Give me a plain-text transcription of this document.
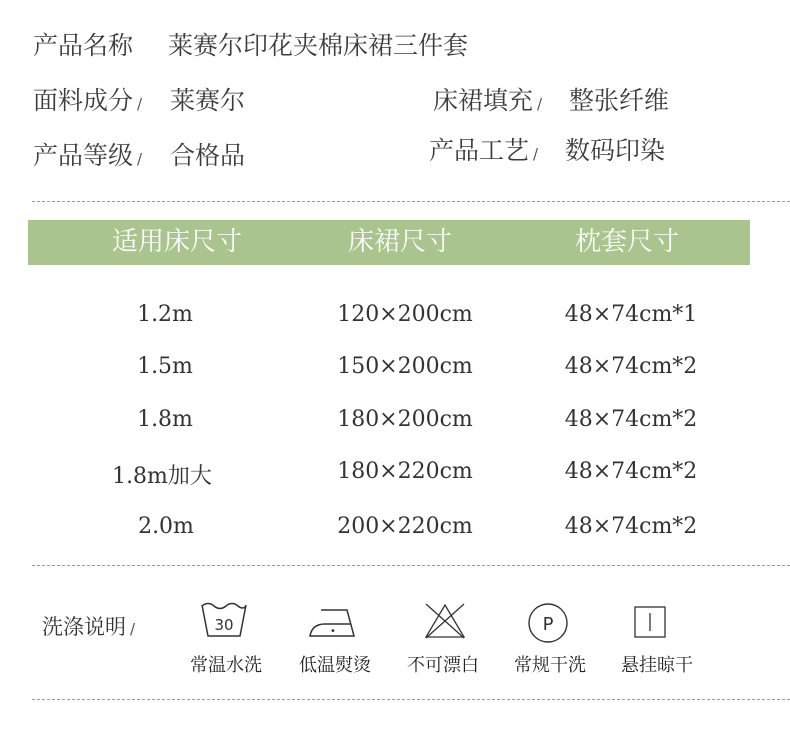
产品名称 莱赛尔印花夹棉床裙三件套
面料成分 / 莱赛尔	床裙填充 / 整张纤维
产品等级 / 合格品	产品工艺 / 数码印染
适用床尺寸	床裙尺寸	枕套尺寸
1.2m	120×200cm	48×74cm*1
1.5m	150×200cm	48×74cm*2
1.8m	180×200cm	48×74cm*2
1.8m加大	180×220cm	48×74cm*2
2.0m	200×220cm	48×74cm*2
洗涤说明 /	30
常温水洗
•
低温熨烫 不可漂白
P
常规干洗 悬挂晾干
